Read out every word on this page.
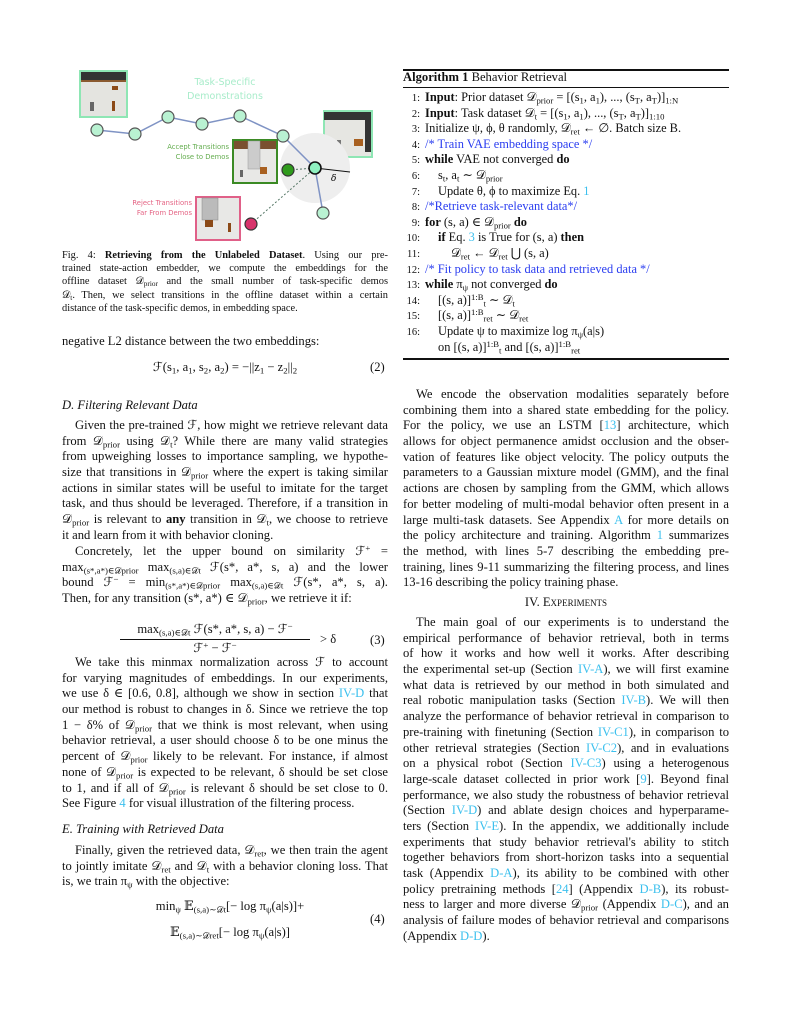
δ
Task-Specific
Demonstrations
Accept Transitions
Close to Demos
Reject Transitions
Far From Demos
Fig. 4: Retrieving from the Unlabeled Dataset. Using our pre-
trained state-action embedder, we compute the embeddings for the
offline dataset 𝒟$_{prior}$ and the small number of task-specific demos
𝒟$_t$. Then, we select transitions in the offline dataset within a certain
distance of the task-specific demos, in embedding space.
negative L2 distance between the two embeddings:
$ℱ(s_1$, $a_1$, $s_2$, $a_2) = -||z_1 - z_2||_2$	(2)
D. Filtering Relevant Data
Given the pre-trained ℱ, how might we retrieve relevant data
from 𝒟$_{prior}$ using 𝒟$_t$? While there are many valid strategies
from upweighing losses to importance sampling, we hypothe-
size that transitions in 𝒟$_{prior}$ where the expert is taking similar
actions in similar states will be useful to imitate for the target
task, and thus should be leveraged. Therefore, if a transition in
𝒟$_{prior}$ is relevant to any transition in 𝒟$_t$, we choose to retrieve
it and learn from it with behavior cloning.
Concretely, let the upper bound on similarity ℱ+ =
$\max_{(s*,a*)\in 𝒟prior} \max_{(s,a)\in 𝒟t}$ ℱ(s*, a*, s, a) and the lower
bound ℱ− = $\min_{(s*,a*)\in 𝒟prior} \max_{(s,a)\in 𝒟t}$ ℱ(s*, a*, s, a).
Then, for any transition (s*, a*) ∈ 𝒟$_{prior}$, we retrieve it if:
$\max_{(s,a)\in 𝒟t}$ ℱ(s*, a*, s, a) − ℱ−
ℱ+ − ℱ−	> δ	(3)
We take this minmax normalization across ℱ to account
for varying magnitudes of embeddings. In our experiments,
we use δ ∈ [0.6, 0.8], although we show in section IV-D that
our method is robust to changes in δ. Since we retrieve the top
1 − δ% of 𝒟$_{prior}$ that we think is most relevant, when using
behavior retrieval, a user should choose δ to be one minus the
percent of 𝒟$_{prior}$ likely to be relevant. For instance, if almost
none of 𝒟$_{prior}$ is expected to be relevant, δ should be set close
to 1, and if all of 𝒟$_{prior}$ is relevant δ should be set close to 0.
See Figure 4 for visual illustration of the filtering process.
E. Training with Retrieved Data
Finally, given the retrieved data, 𝒟$_{ret}$, we then train the agent
to jointly imitate 𝒟$_{ret}$ and 𝒟$_t$ with a behavior cloning loss. That
is, we train $\pi_\psi$ with the objective:
$\min_\psi$ 𝔼$_{(s,a)\sim 𝒟t}$[− $\log \pi_\psi(a|s)]+$
𝔼$_{(s,a)\sim 𝒟ret}$[− $\log \pi_\psi(a|s)$]
(4)
Algorithm 1 Behavior Retrieval
1: Input: Prior dataset 𝒟$_{prior}$ = [($s_1$, $a_1$), ..., ($s_T$, $a_T)]_{1:N}$
2: Input: Task dataset 𝒟$_t$ = [($s_1$, $a_1$), ..., ($s_T$, $a_T)]_{1:10}$
3: Initialize ψ, ϕ, θ randomly, 𝒟$_{ret}$ ← ∅. Batch size B.
4: /* Train VAE embedding space */
5: while VAE not converged do
6: $s_t$, $a_t$ ∼ 𝒟$_{prior}$
7: Update θ, ϕ to maximize Eq. 1
8: /*Retrieve task-relevant data*/
9: for (s, a) ∈ 𝒟$_{prior}$ do
10: if Eq. 3 is True for (s, a) then
11:	𝒟$_{ret}$ ← 𝒟$_{ret}$ ⋃ (s, a)
12: /* Fit policy to task data and retrieved data */
13: while $\pi_\psi$ not converged do
14: [(s, a)]$^{1:B}_t$ ∼ 𝒟$_t$
15: [(s, a)]$^{1:B}_{ret}$ ∼ 𝒟$_{ret}$
16: Update ψ to maximize $\log \pi_\psi(a|s)$
on [(s, a)]$^{1:B}_t$ and [(s, a)]$^{1:B}_{ret}$
We encode the observation modalities separately before
combining them into a shared state embedding for the policy.
For the policy, we use an LSTM [13] architecture, which
allows for object permanence amidst occlusion and the obser-
vation of features like object velocity. The policy outputs the
parameters to a Gaussian mixture model (GMM), and the final
actions are chosen by sampling from the GMM, which allows
for better modeling of multi-modal behavior often present in a
large multi-task datasets. See Appendix A for more details on
the policy architecture and training. Algorithm 1 summarizes
the method, with lines 5-7 describing the embedding pre-
training, lines 9-11 summarizing the filtering process, and lines
13-16 describing the policy training phase.
IV. Experiments
The main goal of our experiments is to understand the
empirical performance of behavior retrieval, both in terms
of how it works and how well it works. After describing
the experimental set-up (Section IV-A), we will first examine
what data is retrieved by our method in both simulated and
real robotic manipulation tasks (Section IV-B). We will then
analyze the performance of behavior retrieval in comparison to
pre-training with finetuning (Section IV-C1), in comparison to
other retrieval strategies (Section IV-C2), and in evaluations
on a physical robot (Section IV-C3) using a heterogenous
large-scale dataset collected in prior work [9]. Beyond final
performance, we also study the robustness of behavior retrieval
(Section IV-D) and ablate design choices and hyperparame-
ters (Section IV-E). In the appendix, we additionally include
experiments that study behavior retrieval's ability to stitch
together behaviors from short-horizon tasks into a sequential
task (Appendix D-A), its ability to be combined with other
policy pretraining methods [24] (Appendix D-B), its robust-
ness to larger and more diverse 𝒟$_{prior}$ (Appendix D-C), and an
analysis of failure modes of behavior retrieval and comparisons
(Appendix D-D).
